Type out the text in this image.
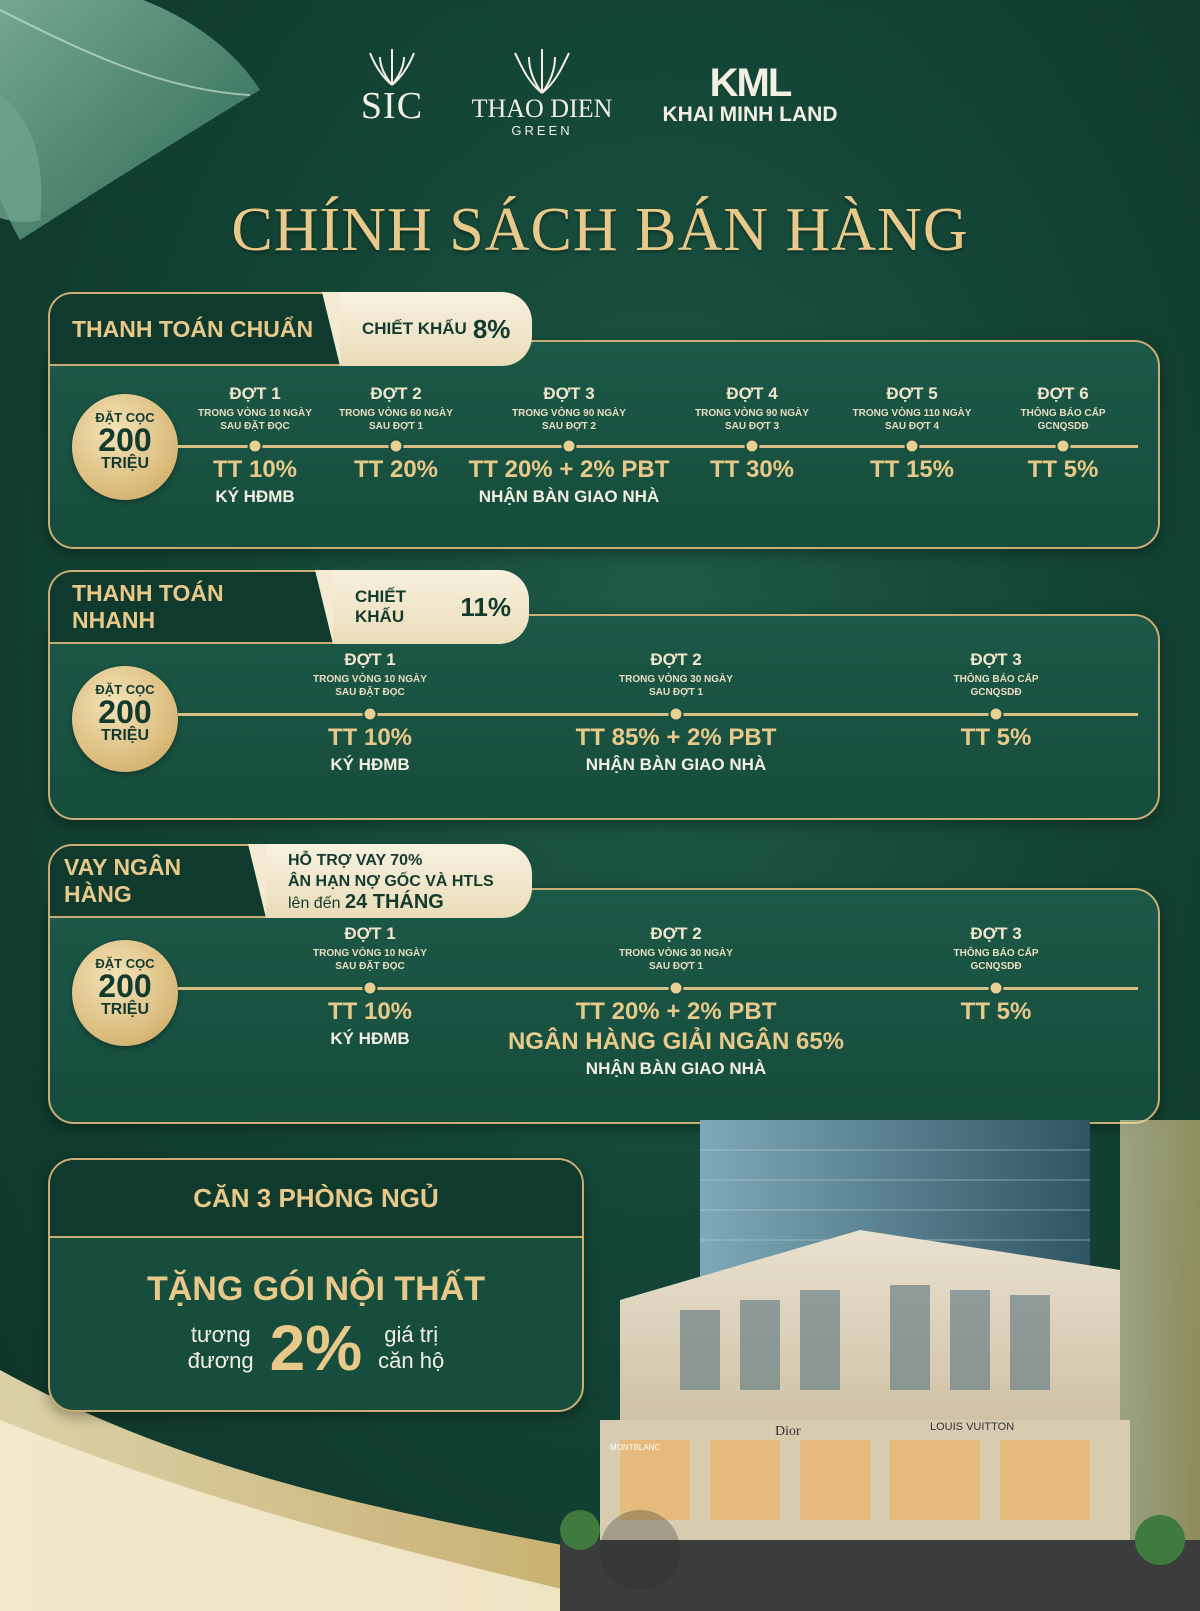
SIC	THAO DIEN
GREEN
KML
KHAI MINH LAND
CHÍNH SÁCH BÁN HÀNG
ĐẶT CỌC
200
TRIỆU
ĐỢT 1
TRONG VÒNG 10 NGÀY
SAU ĐẶT ĐỌC
TT 10%
KÝ HĐMB
ĐỢT 2
TRONG VÒNG 60 NGÀY
SAU ĐỢT 1
TT 20%
ĐỢT 3
TRONG VÒNG 90 NGÀY
SAU ĐỢT 2
TT 20% + 2% PBT
NHẬN BÀN GIAO NHÀ
ĐỢT 4
TRONG VÒNG 90 NGÀY
SAU ĐỢT 3
TT 30%
ĐỢT 5
TRONG VÒNG 110 NGÀY
SAU ĐỢT 4
TT 15%
ĐỢT 6
THÔNG BÁO CẤP
GCNQSDĐ
TT 5%
THANH TOÁN CHUẨN	CHIẾT KHẤU 8%
ĐẶT CỌC
200
TRIỆU
ĐỢT 1
TRONG VÒNG 10 NGÀY
SAU ĐẶT ĐỌC
TT 10%
KÝ HĐMB
ĐỢT 2
TRONG VÒNG 30 NGÀY
SAU ĐỢT 1
TT 85% + 2% PBT
NHẬN BÀN GIAO NHÀ
ĐỢT 3
THÔNG BÁO CẤP
GCNQSDĐ
TT 5%
THANH TOÁN NHANH
CHIẾT KHẤU	11%
ĐẶT CỌC
200
TRIỆU
ĐỢT 1
TRONG VÒNG 10 NGÀY
SAU ĐẶT ĐỌC
TT 10%
KÝ HĐMB
ĐỢT 2
TRONG VÒNG 30 NGÀY
SAU ĐỢT 1
TT 20% + 2% PBT
NGÂN HÀNG GIẢI NGÂN 65%
NHẬN BÀN GIAO NHÀ
ĐỢT 3
THÔNG BÁO CẤP
GCNQSDĐ
TT 5%
VAY NGÂN HÀNG
HỖ TRỢ VAY 70%
ÂN HẠN NỢ GỐC VÀ HTLS
lên đến 24 THÁNG
Dior	LOUIS VUITTON
MONTBLANC
CĂN 3 PHÒNG NGỦ
TẶNG GÓI NỘI THẤT
tương
đương 2% giá trị
căn hộ
